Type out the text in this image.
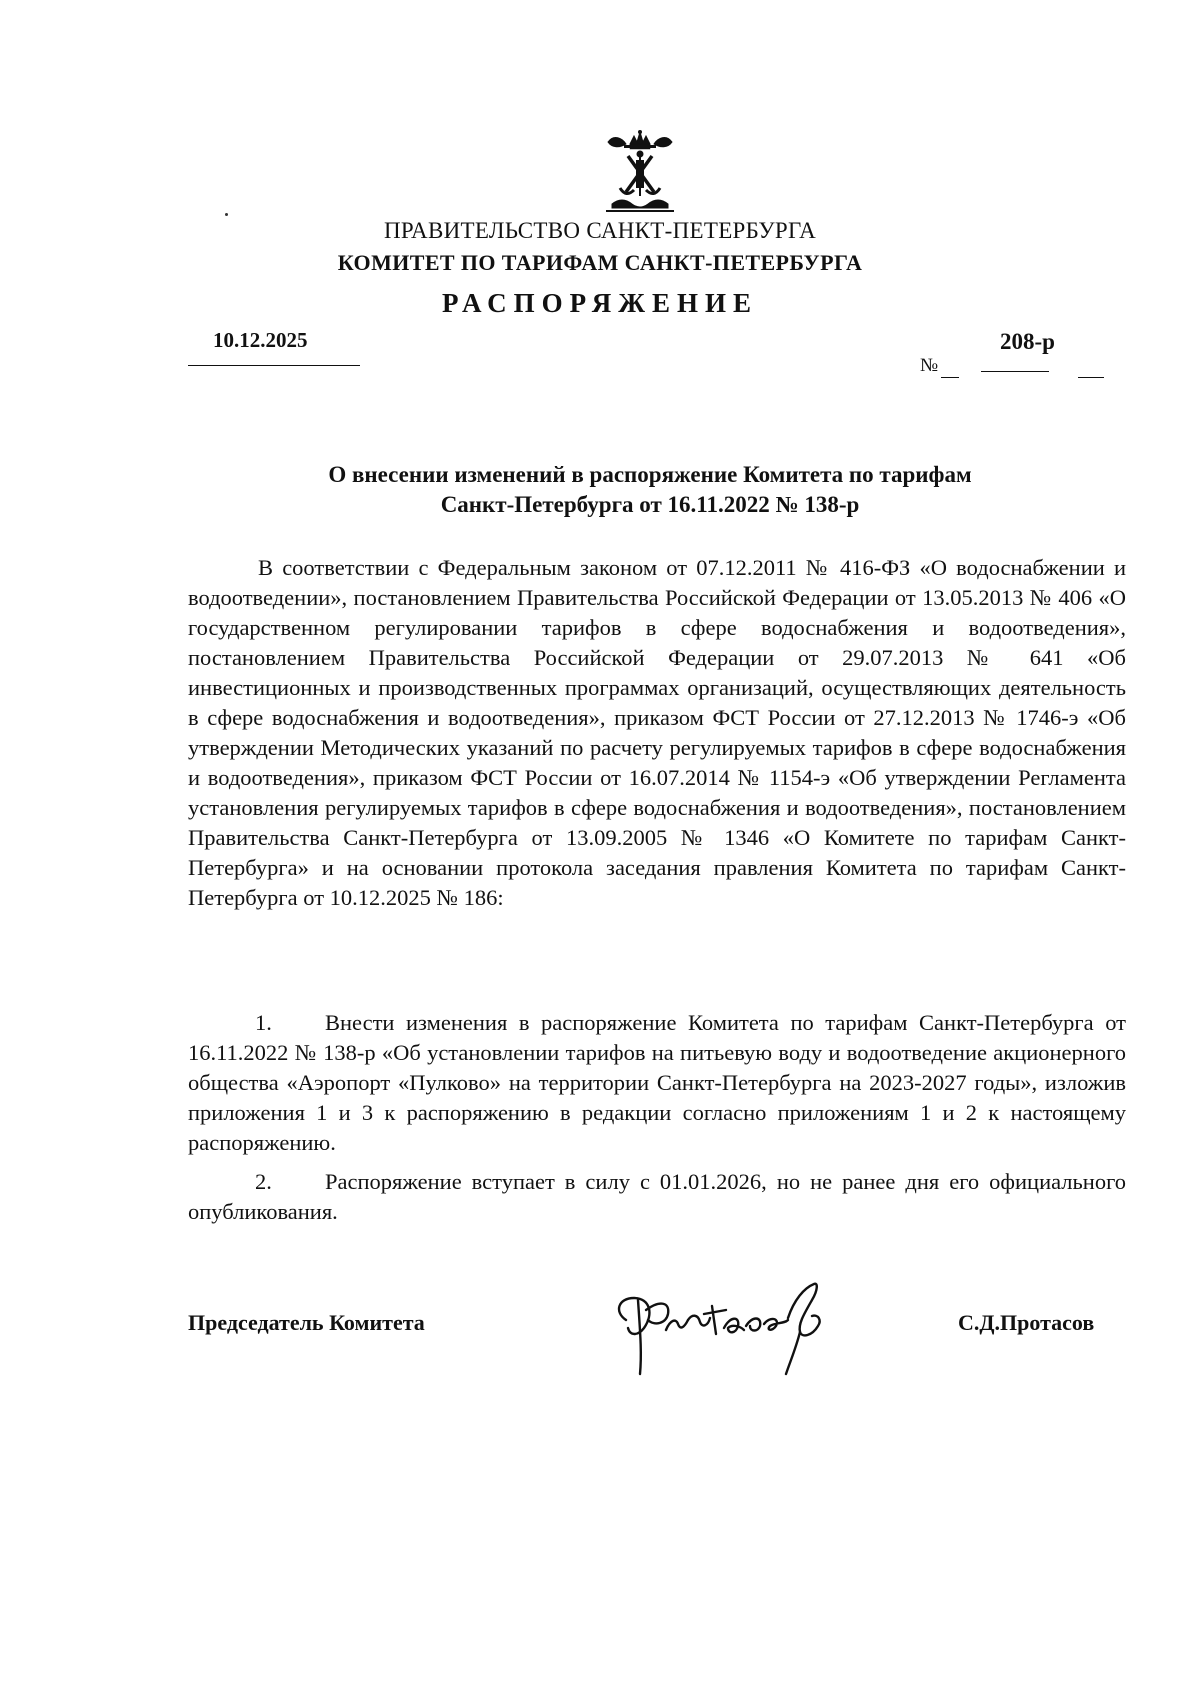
ПРАВИТЕЛЬСТВО САНКТ-ПЕТЕРБУРГА
КОМИТЕТ ПО ТАРИФАМ САНКТ-ПЕТЕРБУРГА
РАСПОРЯЖЕНИЕ
10.12.2025
№
208-р
О внесении изменений в распоряжение Комитета по тарифам
Санкт-Петербурга от 16.11.2022 № 138-р

В соответствии с Федеральным законом от 07.12.2011 № 416-ФЗ «О водоснабжении и водоотведении», постановлением Правительства Российской Федерации от 13.05.2013 № 406 «О государственном регулировании тарифов в сфере водоснабжения и водоотведения», постановлением Правительства Российской Федерации от 29.07.2013 № 641 «Об инвестиционных и производственных программах организаций, осуществляющих деятельность в сфере водоснабжения и водоотведения», приказом ФСТ России от 27.12.2013 № 1746-э «Об утверждении Методических указаний по расчету регулируемых тарифов в сфере водоснабжения и водоотведения», приказом ФСТ России от 16.07.2014 № 1154-э «Об утверждении Регламента установления регулируемых тарифов в сфере водоснабжения и водоотведения», постановлением Правительства Санкт-Петербурга от 13.09.2005 № 1346 «О Комитете по тарифам Санкт-Петербурга» и на основании протокола заседания правления Комитета по тарифам Санкт-Петербурга от 10.12.2025 № 186:

1. Внести изменения в распоряжение Комитета по тарифам Санкт-Петербурга от 16.11.2022 № 138-р «Об установлении тарифов на питьевую воду и водоотведение акционерного общества «Аэропорт «Пулково» на территории Санкт-Петербурга на 2023-2027 годы», изложив приложения 1 и 3 к распоряжению в редакции согласно приложениям 1 и 2 к настоящему распоряжению.

2. Распоряжение вступает в силу с 01.01.2026, но не ранее дня его официального опубликования.

Председатель Комитета	С.Д.Протасов
